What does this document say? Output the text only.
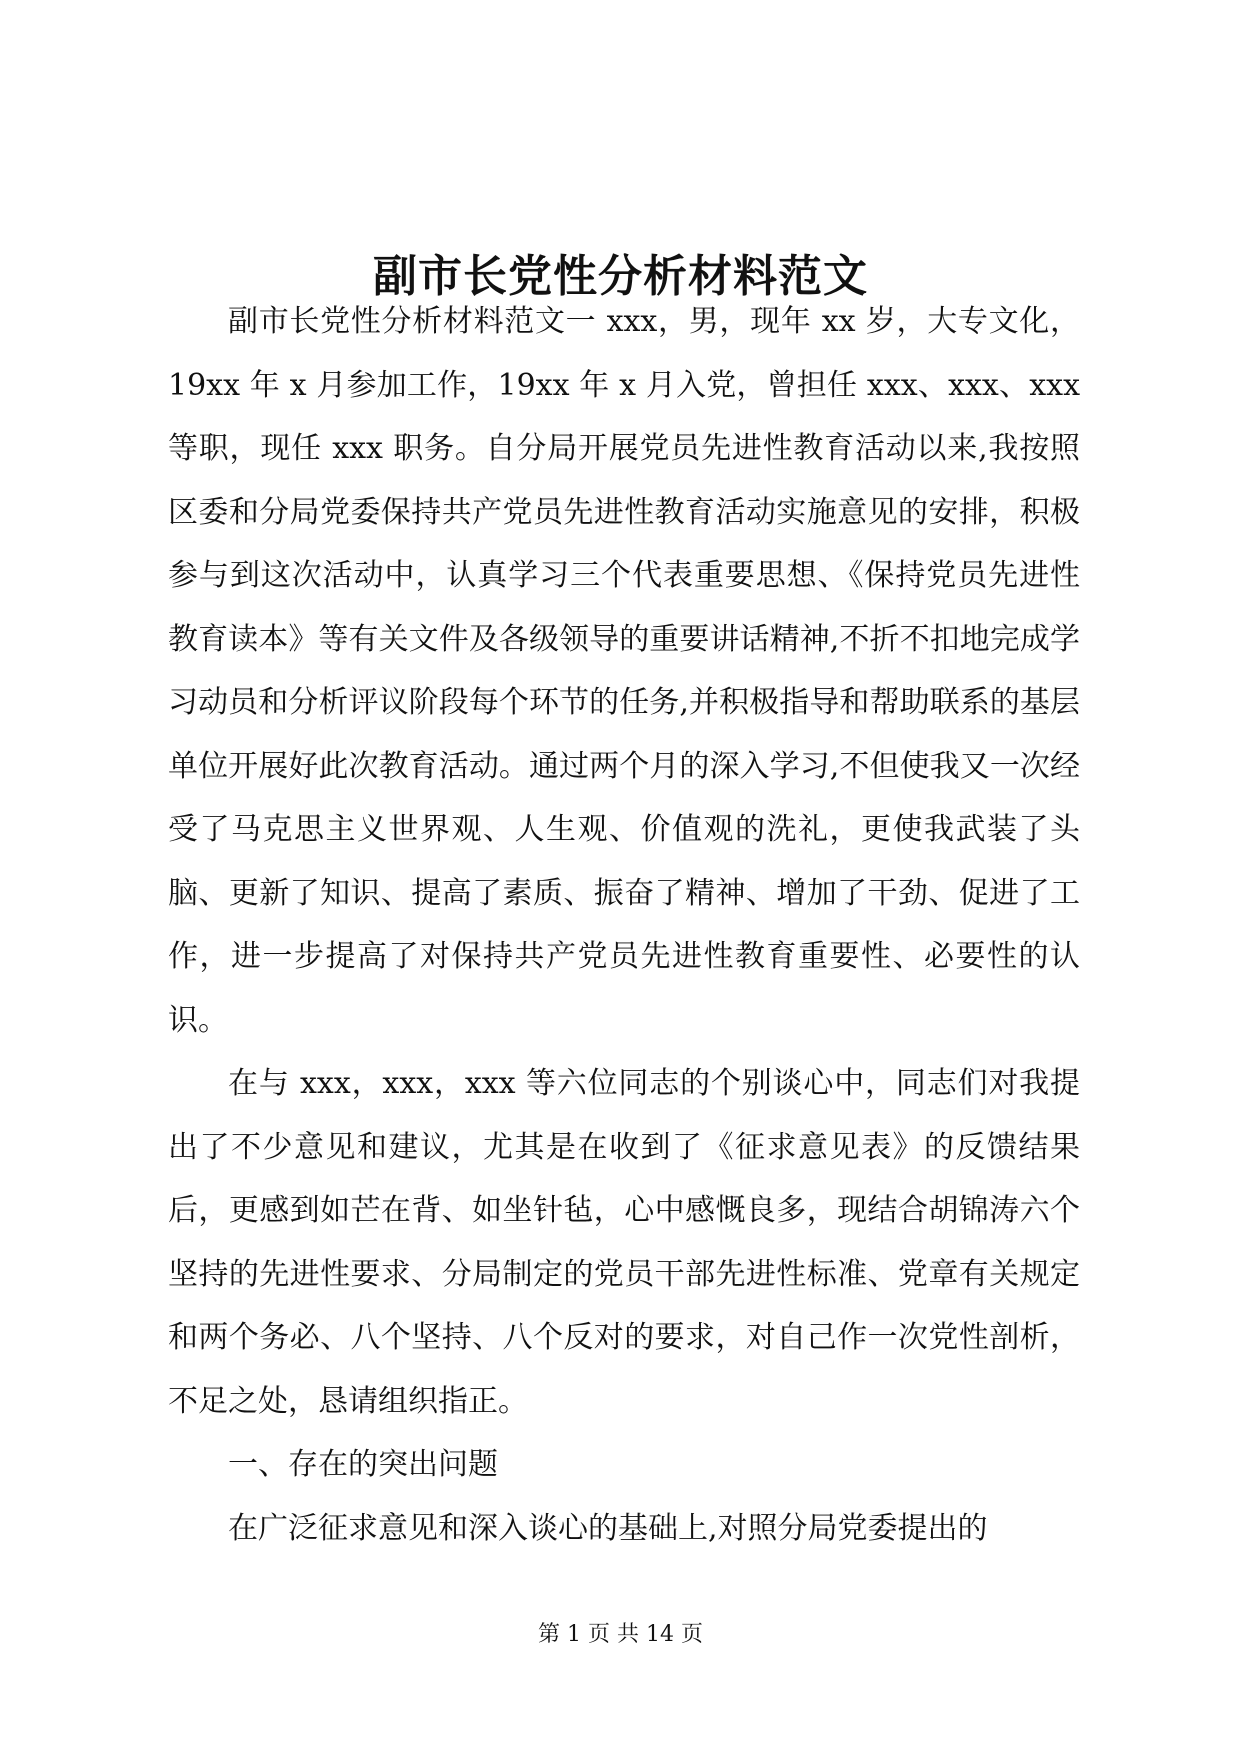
副市长党性分析材料范文

副市长党性分析材料范文一 xxx，男，现年 xx 岁，大专文化，19xx 年 x 月参加工作，19xx 年 x 月入党，曾担任 xxx、xxx、xxx 等职，现任 xxx 职务。自分局开展党员先进性教育活动以来,我按照区委和分局党委保持共产党员先进性教育活动实施意见的安排，积极参与到这次活动中，认真学习三个代表重要思想、《保持党员先进性教育读本》等有关文件及各级领导的重要讲话精神,不折不扣地完成学习动员和分析评议阶段每个环节的任务,并积极指导和帮助联系的基层单位开展好此次教育活动。通过两个月的深入学习,不但使我又一次经受了马克思主义世界观、人生观、价值观的洗礼，更使我武装了头脑、更新了知识、提高了素质、振奋了精神、增加了干劲、促进了工作，进一步提高了对保持共产党员先进性教育重要性、必要性的认识。

在与 xxx，xxx，xxx 等六位同志的个别谈心中，同志们对我提出了不少意见和建议，尤其是在收到了《征求意见表》的反馈结果后，更感到如芒在背、如坐针毡，心中感慨良多，现结合胡锦涛六个坚持的先进性要求、分局制定的党员干部先进性标准、党章有关规定和两个务必、八个坚持、八个反对的要求，对自己作一次党性剖析，不足之处，恳请组织指正。

一、存在的突出问题

在广泛征求意见和深入谈心的基础上,对照分局党委提出的

第 1 页 共 14 页
